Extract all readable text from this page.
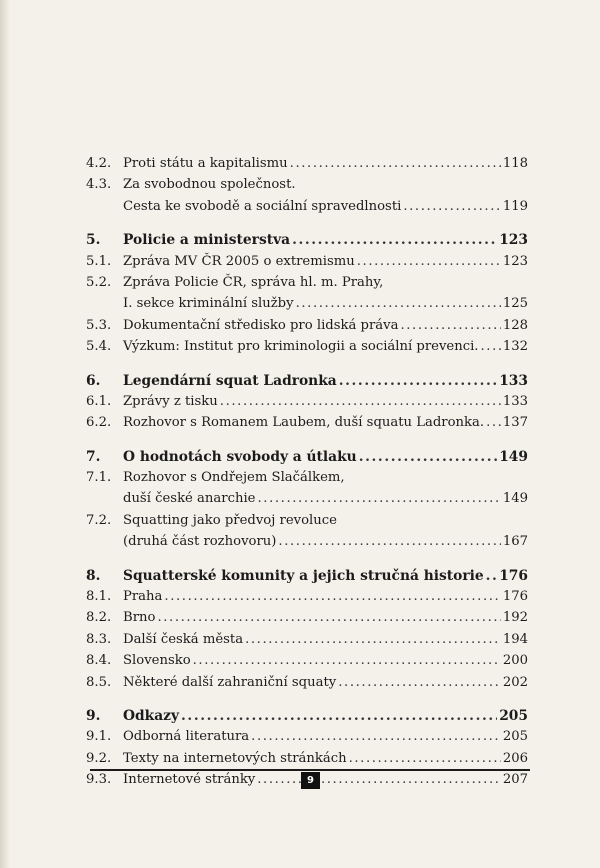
4.2. Proti státu a kapitalismu .....	118
4.3. Za svobodnou společnost.
Cesta ke svobodě a sociální spravedlnosti .....	119
5.	Policie a ministerstva .....	123
5.1. Zpráva MV ČR 2005 o extremismu .....	123
5.2. Zpráva Policie ČR, správa hl. m. Prahy,
I. sekce kriminální služby .....	125
5.3. Dokumentační středisko pro lidská práva .....	128
5.4. Výzkum: Institut pro kriminologii a sociální prevenci. ..... 132
6.	Legendární squat Ladronka .....	133
6.1. Zprávy z tisku .....	133
6.2. Rozhovor s Romanem Laubem, duší squatu Ladronka. ..... 137
7.	O hodnotách svobody a útlaku .....	149
7.1. Rozhovor s Ondřejem Slačálkem,
duší české anarchie .....	149
7.2. Squatting jako předvoj revoluce
(druhá část rozhovoru) .....	167
8.	Squatterské komunity a jejich stručná historie ..... 176
8.1. Praha .....	176
8.2. Brno .....	192
8.3. Další česká města .....	194
8.4. Slovensko .....	200
8.5. Některé další zahraniční squaty .....	202
9.	Odkazy .....	205
9.1. Odborná literatura .....	205
9.2. Texty na internetových stránkách .....	206
9.3. Internetové stránky .....	207
9
